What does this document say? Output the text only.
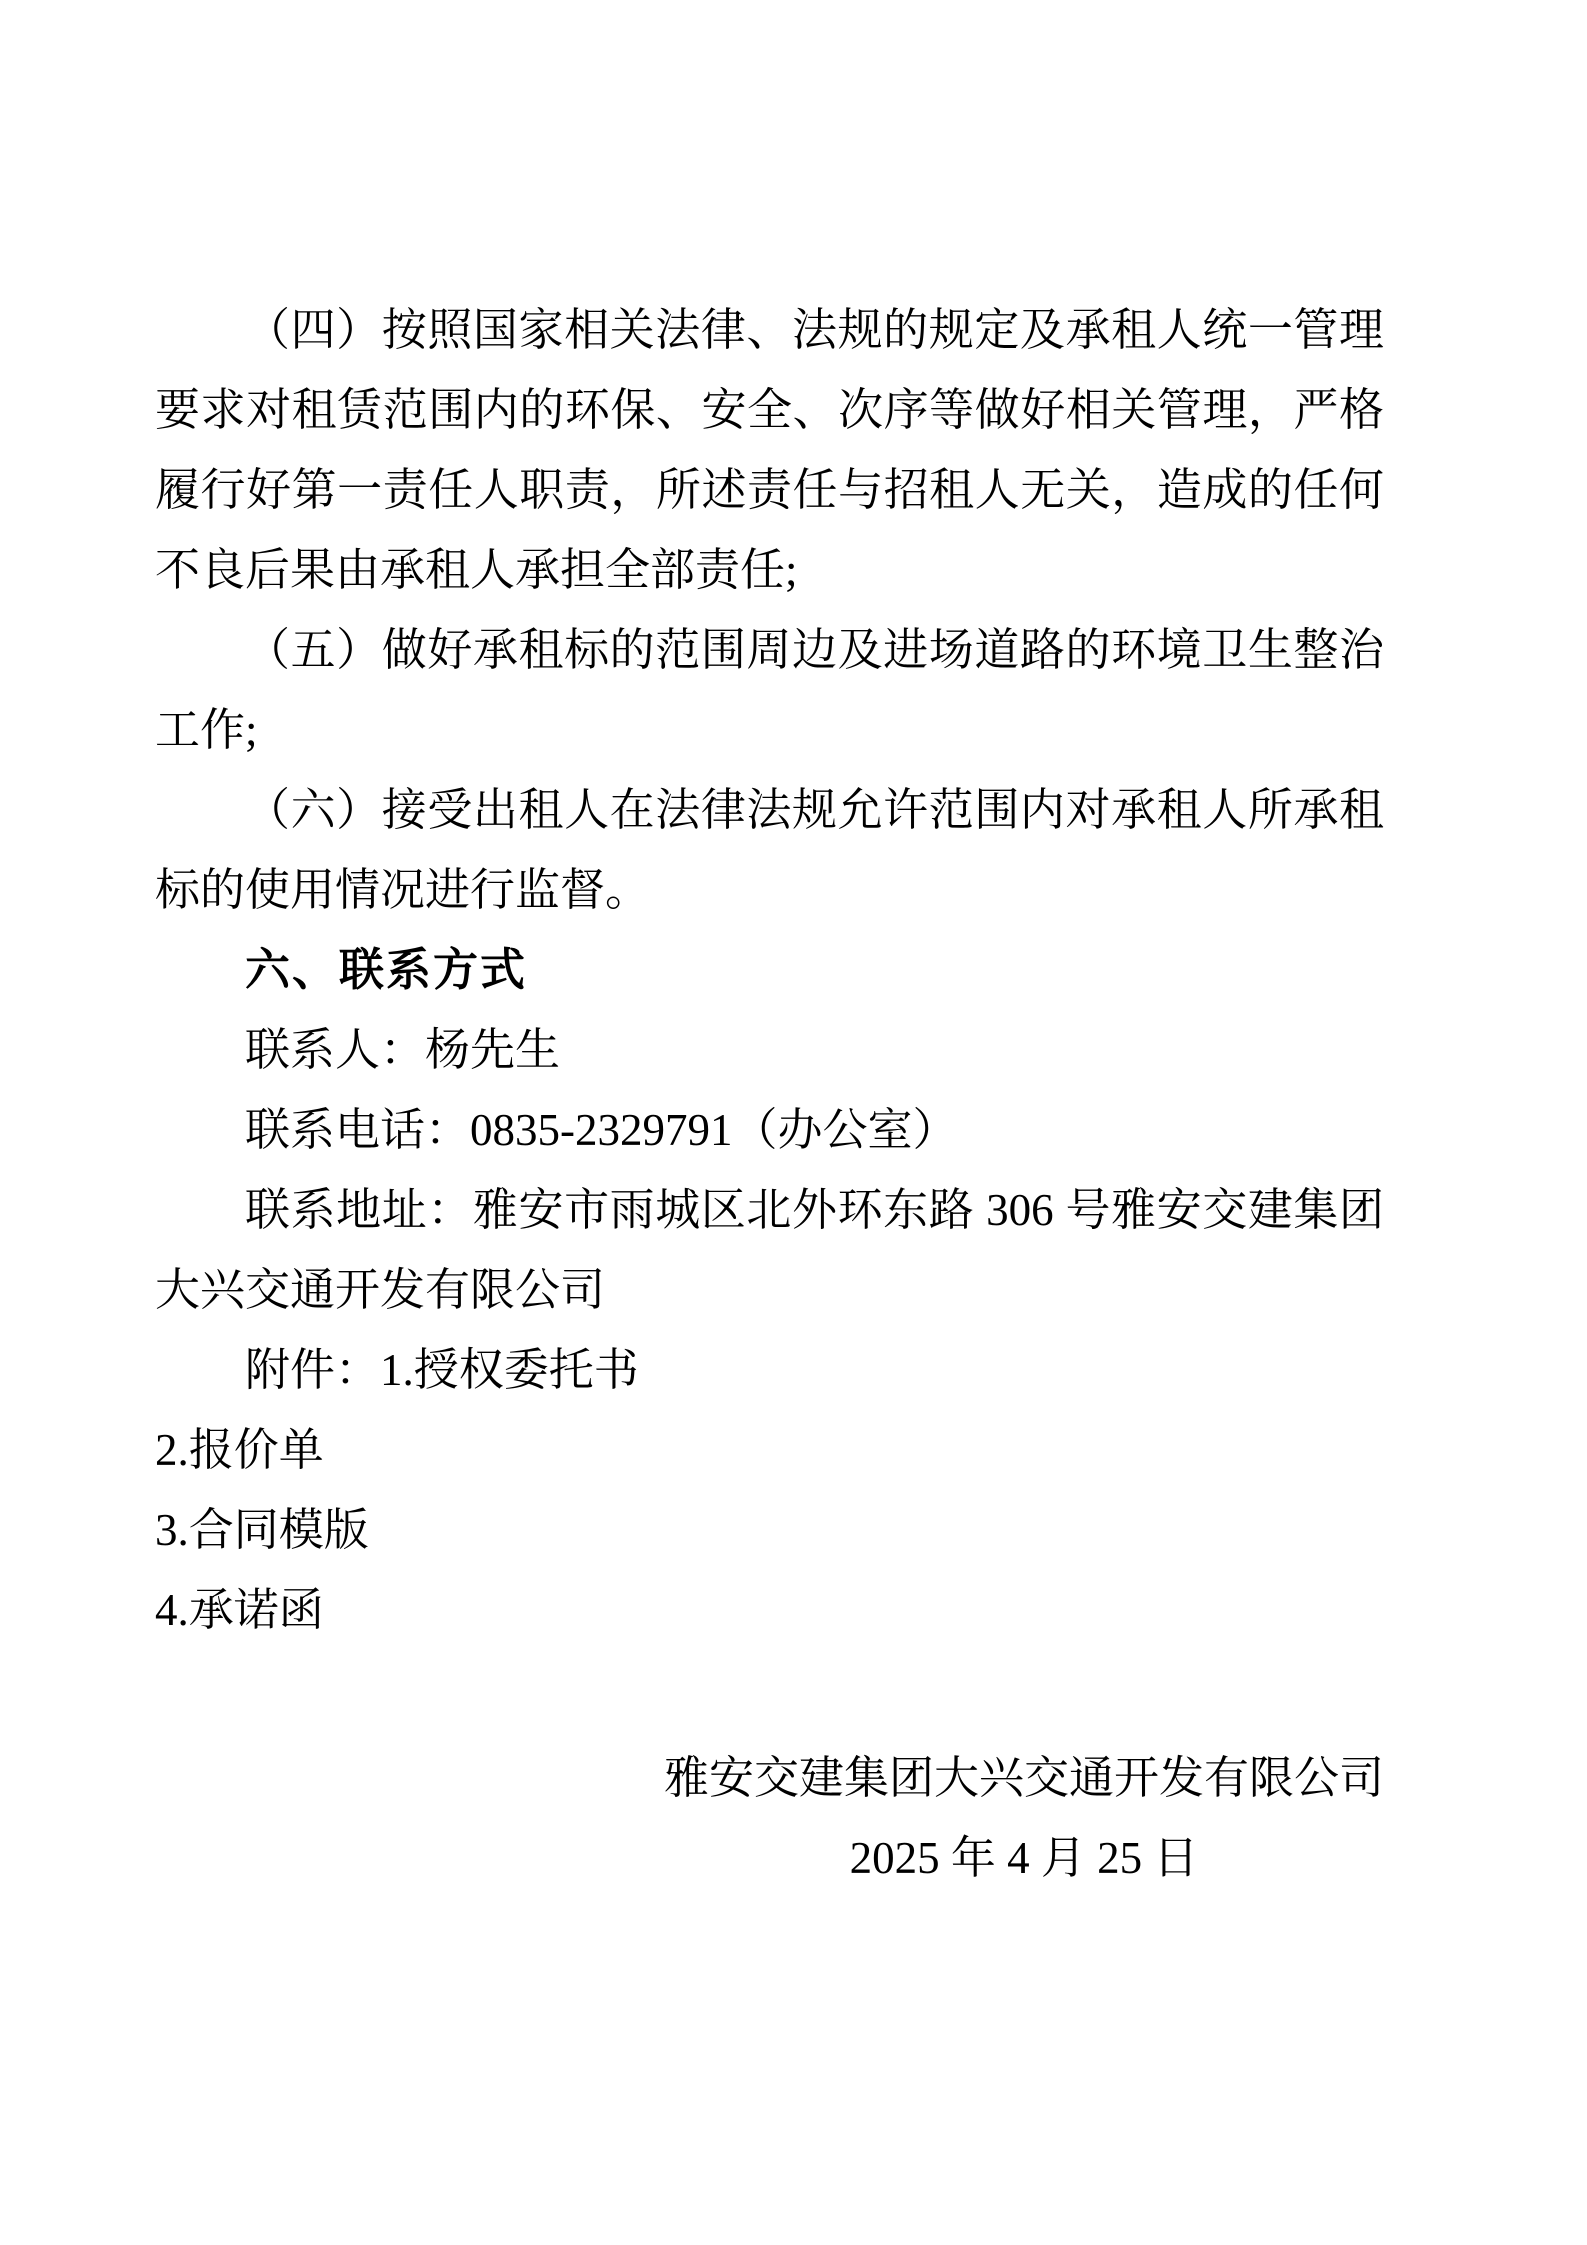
（四）按照国家相关法律、法规的规定及承租人统一管理要求对租赁范围内的环保、安全、次序等做好相关管理，严格履行好第一责任人职责，所述责任与招租人无关，造成的任何不良后果由承租人承担全部责任;

（五）做好承租标的范围周边及进场道路的环境卫生整治工作;

（六）接受出租人在法律法规允许范围内对承租人所承租标的使用情况进行监督。

六、联系方式

联系人：杨先生

联系电话：0835-2329791（办公室）

联系地址：雅安市雨城区北外环东路 306 号雅安交建集团大兴交通开发有限公司

附件：1.授权委托书

2.报价单

3.合同模版

4.承诺函

雅安交建集团大兴交通开发有限公司

2025 年 4 月 25 日
